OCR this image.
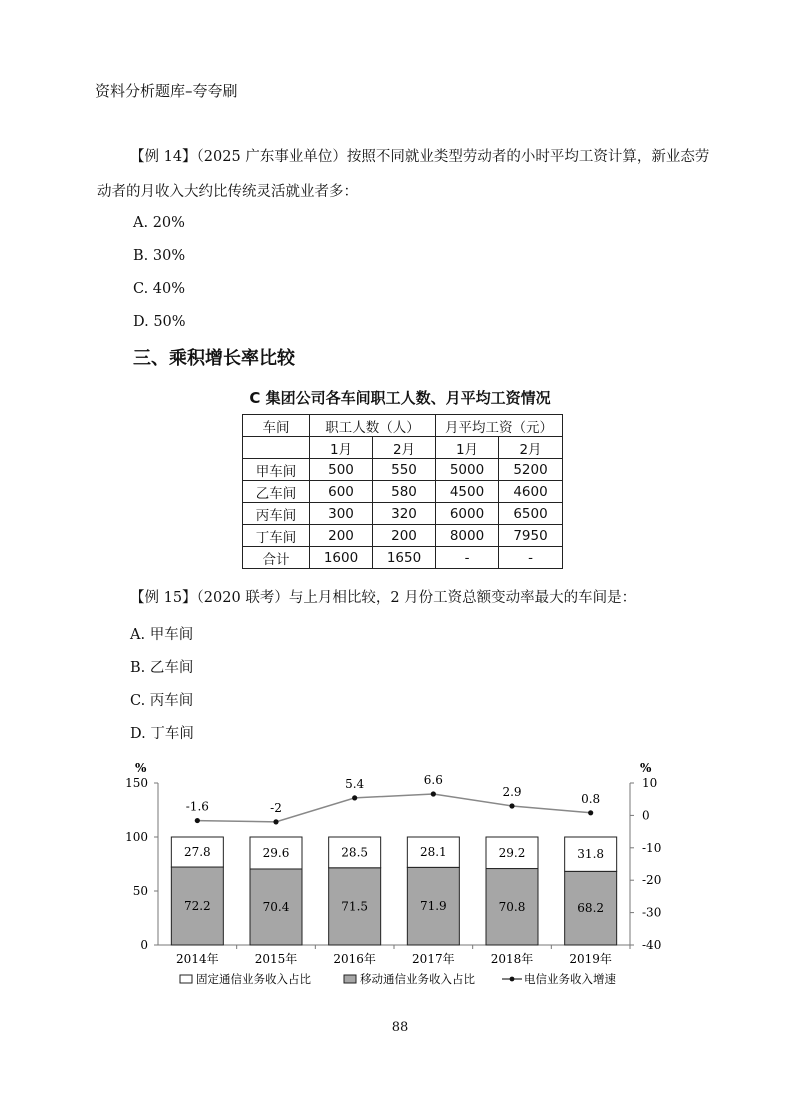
资料分析题库–夸夸刷
【例 14】（2025 广东事业单位）按照不同就业类型劳动者的小时平均工资计算，新业态劳
动者的月收入大约比传统灵活就业者多：
A. 20%
B. 30%
C. 40%
D. 50%
三、乘积增长率比较
C 集团公司各车间职工人数、月平均工资情况
车间	职工人数（人）		月平均工资（元）	
	1月	2月	1月	2月
甲车间	500	550	5000	5200
乙车间	600	580	4500	4600
丙车间	300	320	6000	6500
丁车间	200	200	8000	7950
合计	1600	1650	-	-
【例 15】（2020 联考）与上月相比较，2 月份工资总额变动率最大的车间是：
A. 甲车间
B. 乙车间
C. 丙车间
D. 丁车间
%	%
0
50
100
150	10
0
-10
-20
-30
-40
2014年	2015年	2016年	2017年	2018年	2019年
27.8
72.2
29.6
70.4
28.5
71.5
28.1
71.9
29.2
70.8
31.8
68.2
-1.6	-2
5.4	6.6
2.9	0.8
固定通信业务收入占比	移动通信业务收入占比	电信业务收入增速
88
